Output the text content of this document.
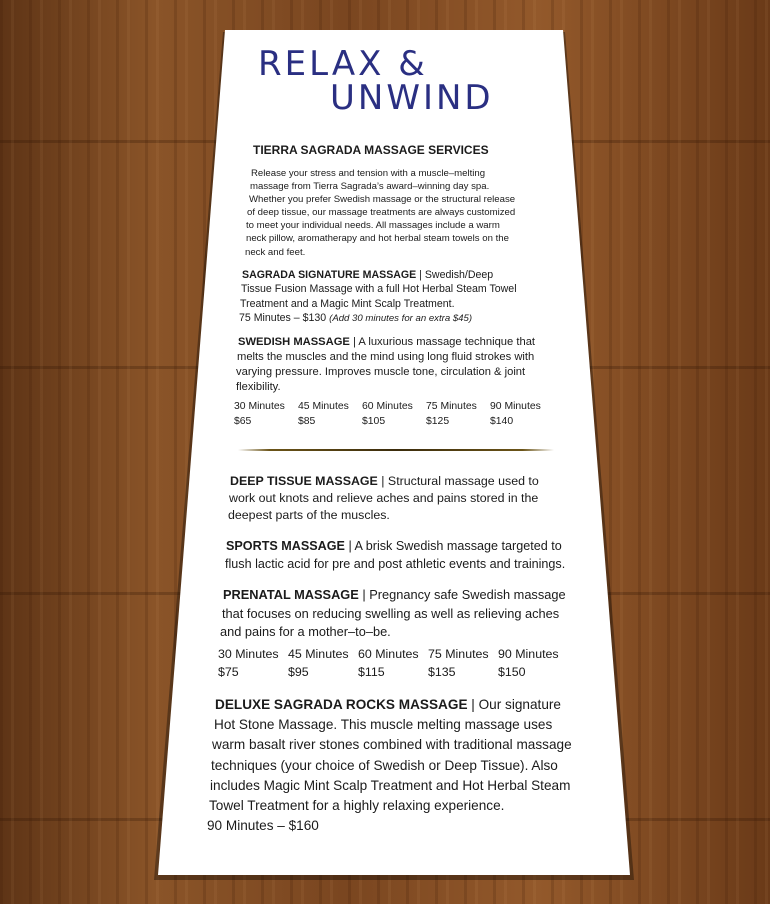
RELAX &
UNWIND
TIERRA SAGRADA MASSAGE SERVICES

Release your stress and tension with a muscle–melting

massage from Tierra Sagrada’s award–winning day spa.

Whether you prefer Swedish massage or the structural release

of deep tissue, our massage treatments are always customized

to meet your individual needs. All massages include a warm

neck pillow, aromatherapy and hot herbal steam towels on the

neck and feet.

SAGRADA SIGNATURE MASSAGE | Swedish/Deep

Tissue Fusion Massage with a full Hot Herbal Steam Towel

Treatment and a Magic Mint Scalp Treatment.

75 Minutes – $130 (Add 30 minutes for an extra $45)

SWEDISH MASSAGE | A luxurious massage technique that

melts the muscles and the mind using long fluid strokes with

varying pressure. Improves muscle tone, circulation & joint

flexibility.

30 Minutes
$65
45 Minutes
$85
60 Minutes
$105
75 Minutes
$125
90 Minutes
$140

DEEP TISSUE MASSAGE | Structural massage used to

work out knots and relieve aches and pains stored in the

deepest parts of the muscles.

SPORTS MASSAGE | A brisk Swedish massage targeted to

flush lactic acid for pre and post athletic events and trainings.

PRENATAL MASSAGE | Pregnancy safe Swedish massage

that focuses on reducing swelling as well as relieving aches

and pains for a mother–to–be.

30 Minutes
$75
45 Minutes
$95
60 Minutes
$115
75 Minutes
$135
90 Minutes
$150

DELUXE SAGRADA ROCKS MASSAGE | Our signature

Hot Stone Massage. This muscle melting massage uses

warm basalt river stones combined with traditional massage

techniques (your choice of Swedish or Deep Tissue). Also

includes Magic Mint Scalp Treatment and Hot Herbal Steam

Towel Treatment for a highly relaxing experience.

90 Minutes – $160
